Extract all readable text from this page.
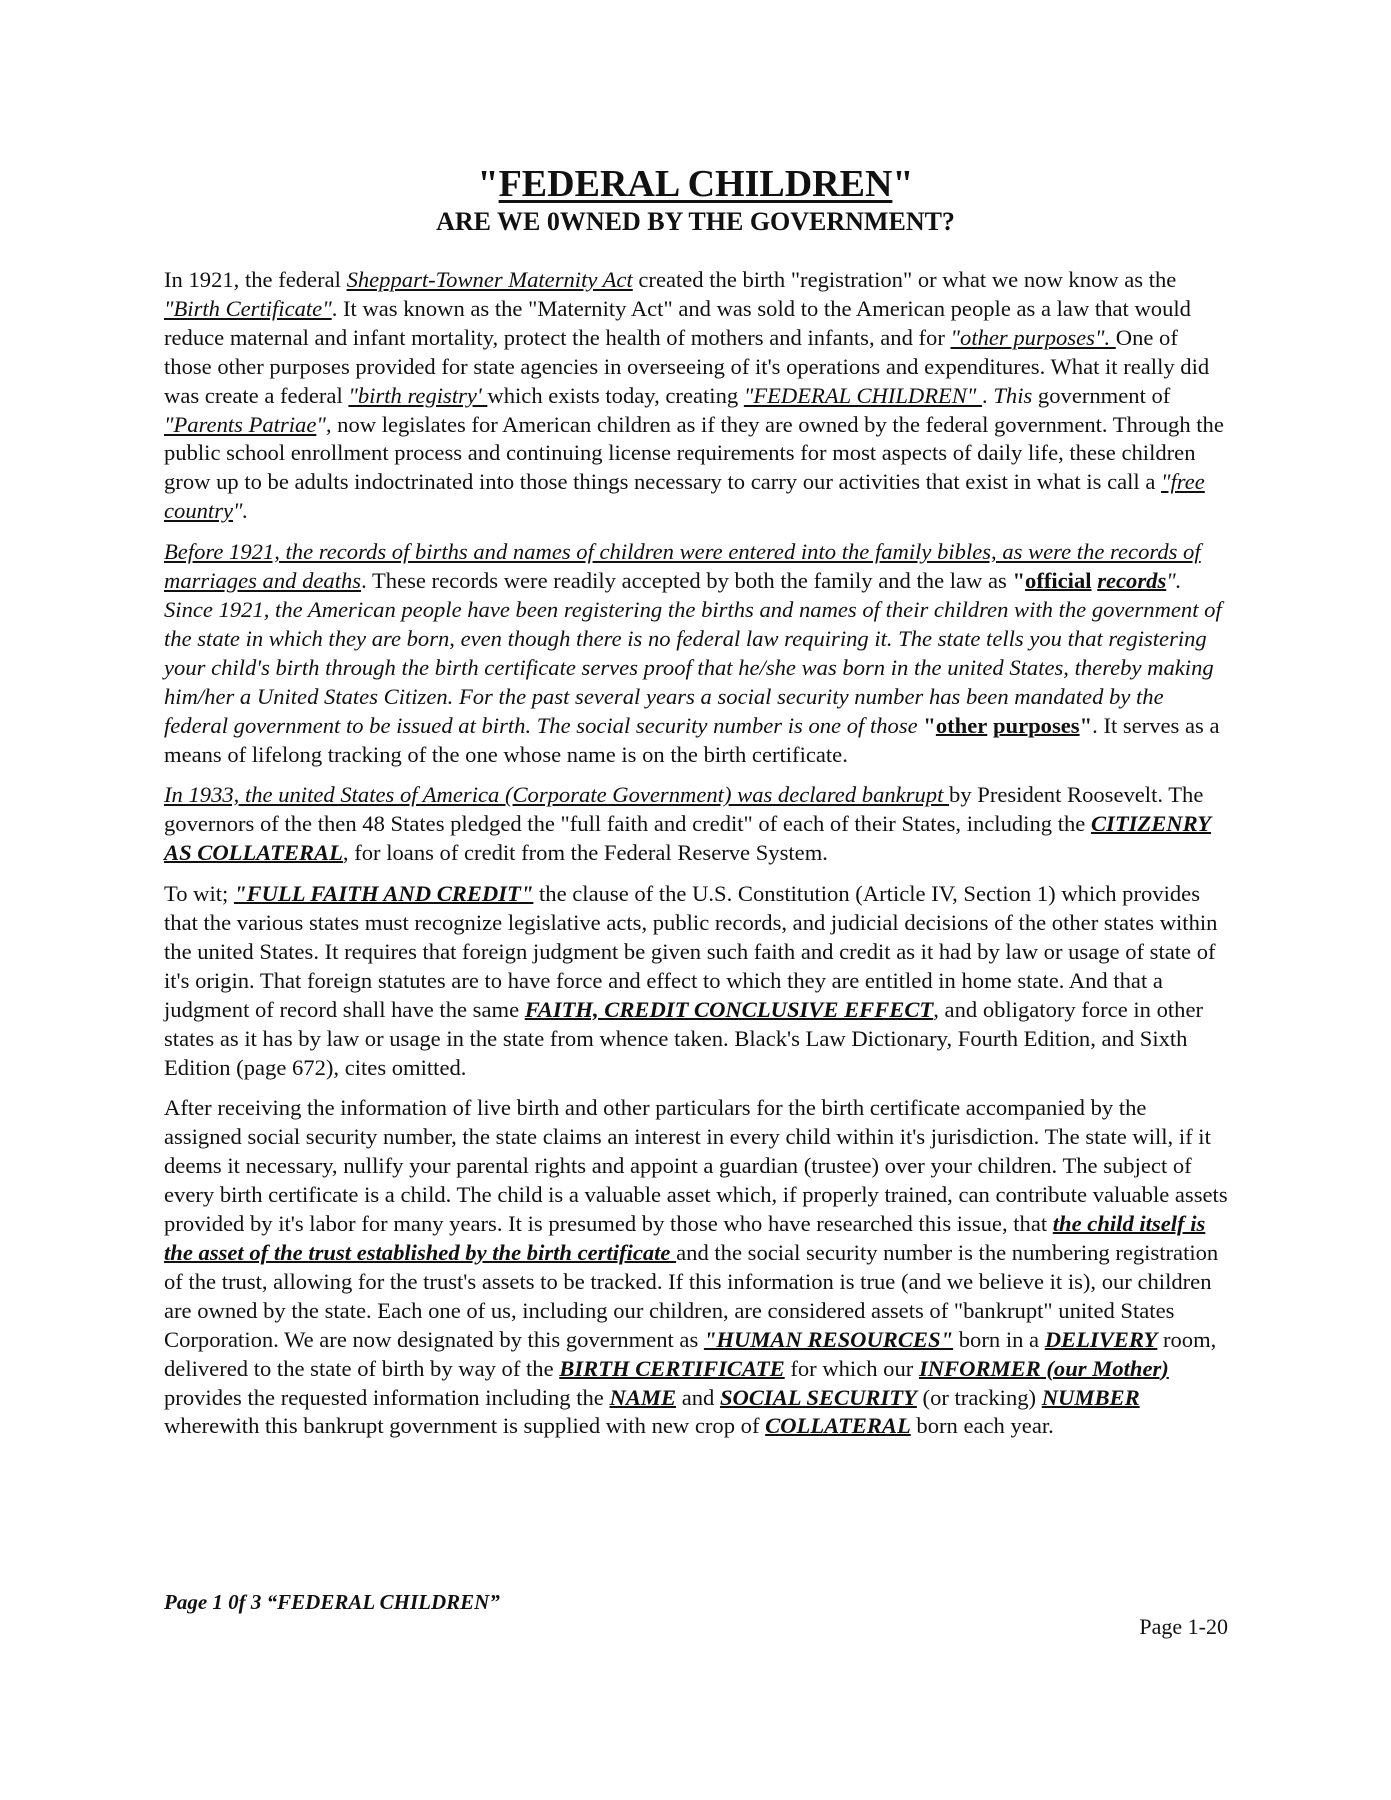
"FEDERAL CHILDREN"
ARE WE 0WNED BY THE GOVERNMENT?

In 1921, the federal Sheppart-Towner Maternity Act created the birth "registration" or what we now know as the "Birth Certificate". It was known as the "Maternity Act" and was sold to the American people as a law that would reduce maternal and infant mortality, protect the health of mothers and infants, and for "other purposes". One of those other purposes provided for state agencies in overseeing of it's operations and expenditures. What it really did was create a federal "birth registry' which exists today, creating "FEDERAL CHILDREN" . This government of "Parents Patriae", now legislates for American children as if they are owned by the federal government. Through the public school enrollment process and continuing license requirements for most aspects of daily life, these children grow up to be adults indoctrinated into those things necessary to carry our activities that exist in what is call a "free country".

Before 1921, the records of births and names of children were entered into the family bibles, as were the records of marriages and deaths. These records were readily accepted by both the family and the law as "official records". Since 1921, the American people have been registering the births and names of their children with the government of the state in which they are born, even though there is no federal law requiring it. The state tells you that registering your child's birth through the birth certificate serves proof that he/she was born in the united States, thereby making him/her a United States Citizen. For the past several years a social security number has been mandated by the federal government to be issued at birth. The social security number is one of those "other purposes". It serves as a means of lifelong tracking of the one whose name is on the birth certificate.

In 1933, the united States of America (Corporate Government) was declared bankrupt by President Roosevelt. The governors of the then 48 States pledged the "full faith and credit" of each of their States, including the CITIZENRY AS COLLATERAL, for loans of credit from the Federal Reserve System.

To wit; "FULL FAITH AND CREDIT" the clause of the U.S. Constitution (Article IV, Section 1) which provides that the various states must recognize legislative acts, public records, and judicial decisions of the other states within the united States. It requires that foreign judgment be given such faith and credit as it had by law or usage of state of it's origin. That foreign statutes are to have force and effect to which they are entitled in home state. And that a judgment of record shall have the same FAITH, CREDIT CONCLUSIVE EFFECT, and obligatory force in other states as it has by law or usage in the state from whence taken. Black's Law Dictionary, Fourth Edition, and Sixth Edition (page 672), cites omitted.

After receiving the information of live birth and other particulars for the birth certificate accompanied by the assigned social security number, the state claims an interest in every child within it's jurisdiction. The state will, if it deems it necessary, nullify your parental rights and appoint a guardian (trustee) over your children. The subject of every birth certificate is a child. The child is a valuable asset which, if properly trained, can contribute valuable assets provided by it's labor for many years. It is presumed by those who have researched this issue, that the child itself is the asset of the trust established by the birth certificate and the social security number is the numbering registration of the trust, allowing for the trust's assets to be tracked. If this information is true (and we believe it is), our children are owned by the state. Each one of us, including our children, are considered assets of "bankrupt" united States Corporation. We are now designated by this government as "HUMAN RESOURCES" born in a DELIVERY room, delivered to the state of birth by way of the BIRTH CERTIFICATE for which our INFORMER (our Mother) provides the requested information including the NAME and SOCIAL SECURITY (or tracking) NUMBER wherewith this bankrupt government is supplied with new crop of COLLATERAL born each year.

Page 1 0f 3 “FEDERAL CHILDREN”
Page 1-20
